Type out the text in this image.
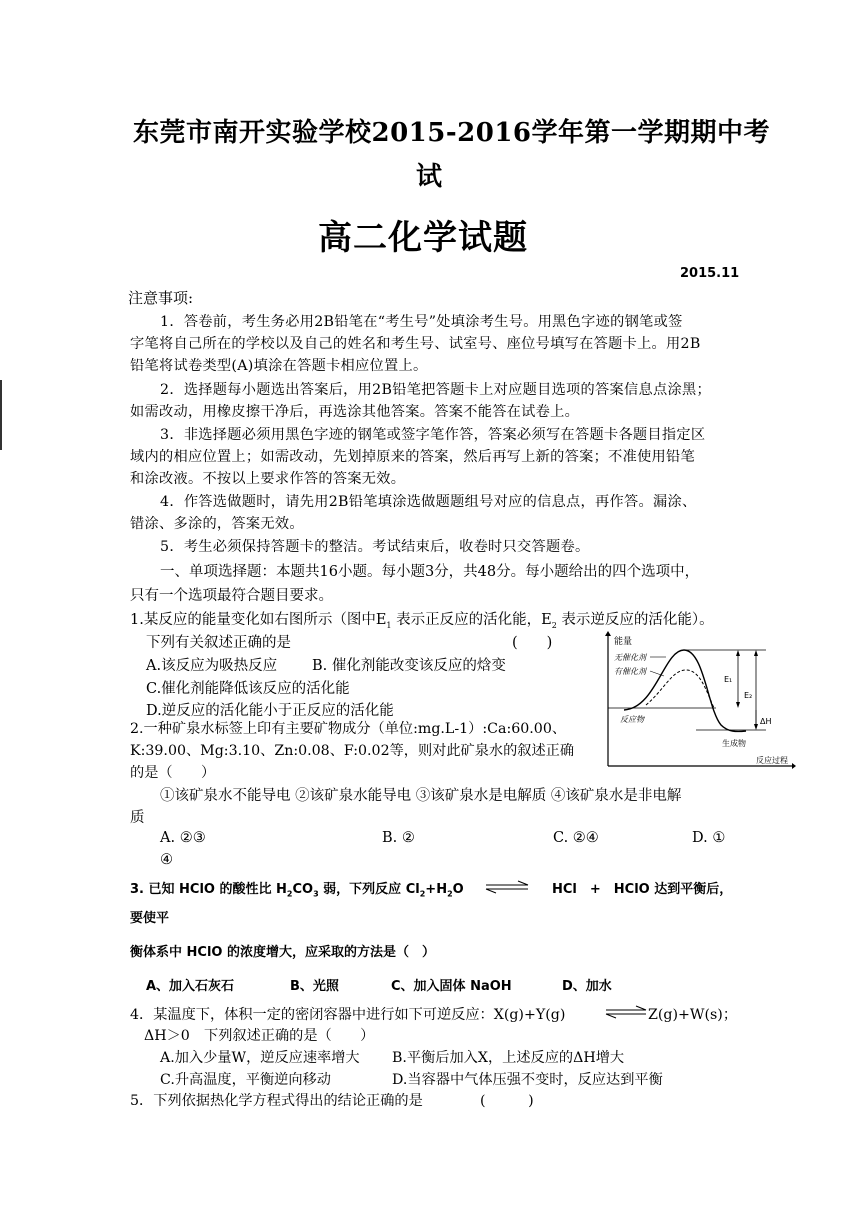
东莞市南开实验学校2015-2016学年第一学期期中考
试
高二化学试题
2015.11
注意事项:
1．答卷前，考生务必用2B铅笔在“考生号”处填涂考生号。用黑色字迹的钢笔或签
字笔将自己所在的学校以及自己的姓名和考生号、试室号、座位号填写在答题卡上。用2B
铅笔将试卷类型(A)填涂在答题卡相应位置上。
2．选择题每小题选出答案后，用2B铅笔把答题卡上对应题目选项的答案信息点涂黑；
如需改动，用橡皮擦干净后，再选涂其他答案。答案不能答在试卷上。
3．非选择题必须用黑色字迹的钢笔或签字笔作答，答案必须写在答题卡各题目指定区
域内的相应位置上；如需改动，先划掉原来的答案，然后再写上新的答案；不准使用铅笔
和涂改液。不按以上要求作答的答案无效。
4．作答选做题时，请先用2B铅笔填涂选做题题组号对应的信息点，再作答。漏涂、
错涂、多涂的，答案无效。
5．考生必须保持答题卡的整洁。考试结束后，收卷时只交答题卷。
一、单项选择题：本题共16小题。每小题3分，共48分。每小题给出的四个选项中，
只有一个选项最符合题目要求。
1.某反应的能量变化如右图所示（图中$E_1$ 表示正反应的活化能，$E_2$ 表示逆反应的活化能）。
下列有关叙述正确的是	(　　)
A.该反应为吸热反应 B. 催化剂能改变该反应的焓变
C.催化剂能降低该反应的活化能
D.逆反应的活化能小于正反应的活化能
能量
E₁
E₂
ΔH
无催化剂
有催化剂
反应物
生成物
反应过程
2.一种矿泉水标签上印有主要矿物成分（单位:mg.L-1）:Ca:60.00、
K:39.00、Mg:3.10、Zn:0.08、F:0.02等，则对此矿泉水的叙述正确
的是（　　）
①该矿泉水不能导电 ②该矿泉水能导电 ③该矿泉水是电解质 ④该矿泉水是非电解
质
A. ②③	B. ②	C. ②④	D. ①
④
3. 已知 HClO 的酸性比 $H_2CO_3$ 弱，下列反应 $Cl_2+H_2O$ ⇌ HCl　+　HClO 达到平衡后，
要使平
衡体系中 HClO 的浓度增大，应采取的方法是（　）
A、加入石灰石	B、光照	C、加入固体 NaOH	D、加水
4．某温度下，体积一定的密闭容器中进行如下可逆反应：X(g)+Y(g) ⇌ Z(g)+W(s)；
ΔH＞0　下列叙述正确的是（　　）
A.加入少量W，逆反应速率增大 B.平衡后加入X，上述反应的ΔH增大
C.升高温度，平衡逆向移动	D.当容器中气体压强不变时，反应达到平衡
5．下列依据热化学方程式得出的结论正确的是	(　　　)
